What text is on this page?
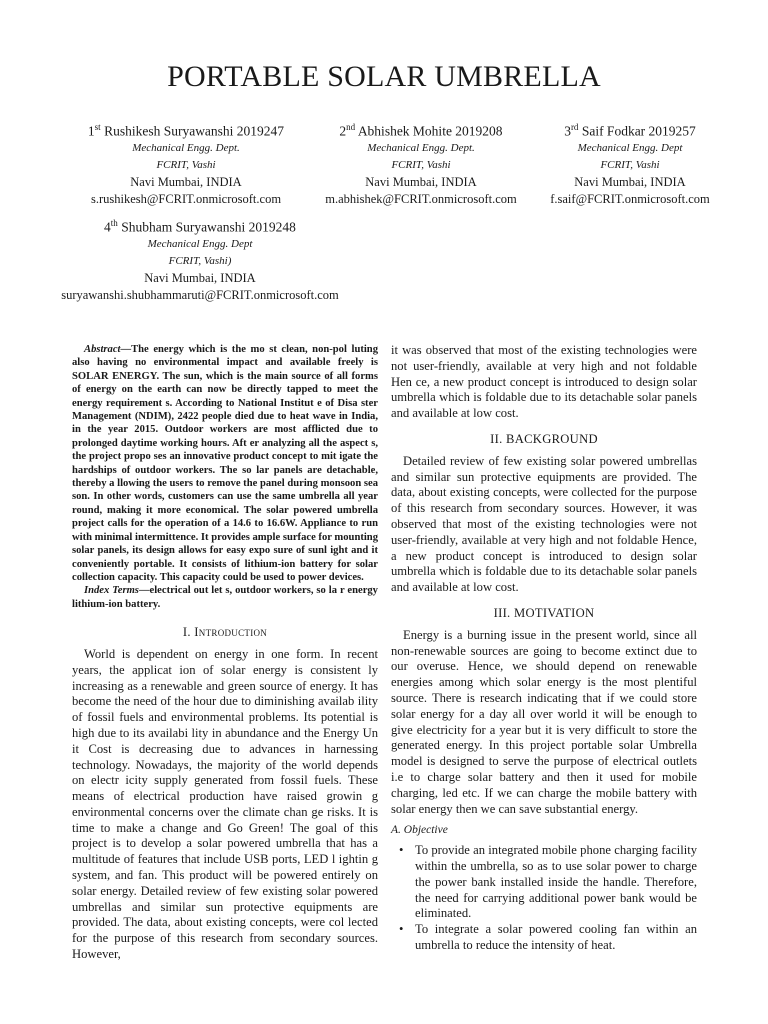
PORTABLE SOLAR UMBRELLA
1st Rushikesh Suryawanshi 2019247
Mechanical Engg. Dept.
FCRIT, Vashi
Navi Mumbai, INDIA
s.rushikesh@FCRIT.onmicrosoft.com
2nd Abhishek Mohite 2019208
Mechanical Engg. Dept.
FCRIT, Vashi
Navi Mumbai, INDIA
m.abhishek@FCRIT.onmicrosoft.com
3rd Saif Fodkar 2019257
Mechanical Engg. Dept
FCRIT, Vashi
Navi Mumbai, INDIA
f.saif@FCRIT.onmicrosoft.com
4th Shubham Suryawanshi 2019248
Mechanical Engg. Dept
FCRIT, Vashi)
Navi Mumbai, INDIA
suryawanshi.shubhammaruti@FCRIT.onmicrosoft.com

Abstract—The energy which is the mo st clean, non-pol luting also having no environmental impact and available freely is SOLAR ENERGY. The sun, which is the main source of all forms of energy on the earth can now be directly tapped to meet the energy requirement s. According to National Institut e of Disa ster Management (NDIM), 2422 people died due to heat wave in India, in the year 2015. Outdoor workers are most afflicted due to prolonged daytime working hours. Aft er analyzing all the aspect s, the project propo ses an innovative product concept to mit igate the hardships of outdoor workers. The so lar panels are detachable, thereby a llowing the users to remove the panel during monsoon sea son. In other words, customers can use the same umbrella all year round, making it more economical. The solar powered umbrella project calls for the operation of a 14.6 to 16.6W. Appliance to run with minimal intermittence. It provides ample surface for mounting solar panels, its design allows for easy expo sure of sunl ight and it conveniently portable. It consists of lithium-ion battery for solar collection capacity. This capacity could be used to power devices.

Index Terms—electrical out let s, outdoor workers, so la r energy lithium-ion battery.

I. Introduction

World is dependent on energy in one form. In recent years, the applicat ion of solar energy is consistent ly increasing as a renewable and green source of energy. It has become the need of the hour due to diminishing availab ility of fossil fuels and environmental problems. Its potential is high due to its availabi lity in abundance and the Energy Un it Cost is decreasing due to advances in harnessing technology. Nowadays, the majority of the world depends on electr icity supply generated from fossil fuels. These means of electrical production have raised growin g environmental concerns over the climate chan ge risks. It is time to make a change and Go Green! The goal of this project is to develop a solar powered umbrella that has a multitude of features that include USB ports, LED l ightin g system, and fan. This product will be powered entirely on solar energy. Detailed review of few existing solar powered umbrellas and similar sun protective equipments are provided. The data, about existing concepts, were col lected for the purpose of this research from secondary sources. However,

it was observed that most of the existing technologies were not user-friendly, available at very high and not foldable Hen ce, a new product concept is introduced to design solar umbrella which is foldable due to its detachable solar panels and available at low cost.

II. BACKGROUND

Detailed review of few existing solar powered umbrellas and similar sun protective equipments are provided. The data, about existing concepts, were collected for the purpose of this research from secondary sources. However, it was observed that most of the existing technologies were not user-friendly, available at very high and not foldable Hence, a new product concept is introduced to design solar umbrella which is foldable due to its detachable solar panels and available at low cost.

III. MOTIVATION

Energy is a burning issue in the present world, since all non-renewable sources are going to become extinct due to our overuse. Hence, we should depend on renewable energies among which solar energy is the most plentiful source. There is research indicating that if we could store solar energy for a day all over world it will be enough to give electricity for a year but it is very difficult to store the generated energy. In this project portable solar Umbrella model is designed to serve the purpose of electrical outlets i.e to charge solar battery and then it used for mobile charging, led etc. If we can charge the mobile battery with solar energy then we can save substantial energy.

A. Objective
• To provide an integrated mobile phone charging facility within the umbrella, so as to use solar power to charge the power bank installed inside the handle. Therefore, the need for carrying additional power bank would be eliminated.
• To integrate a solar powered cooling fan within an umbrella to reduce the intensity of heat.
